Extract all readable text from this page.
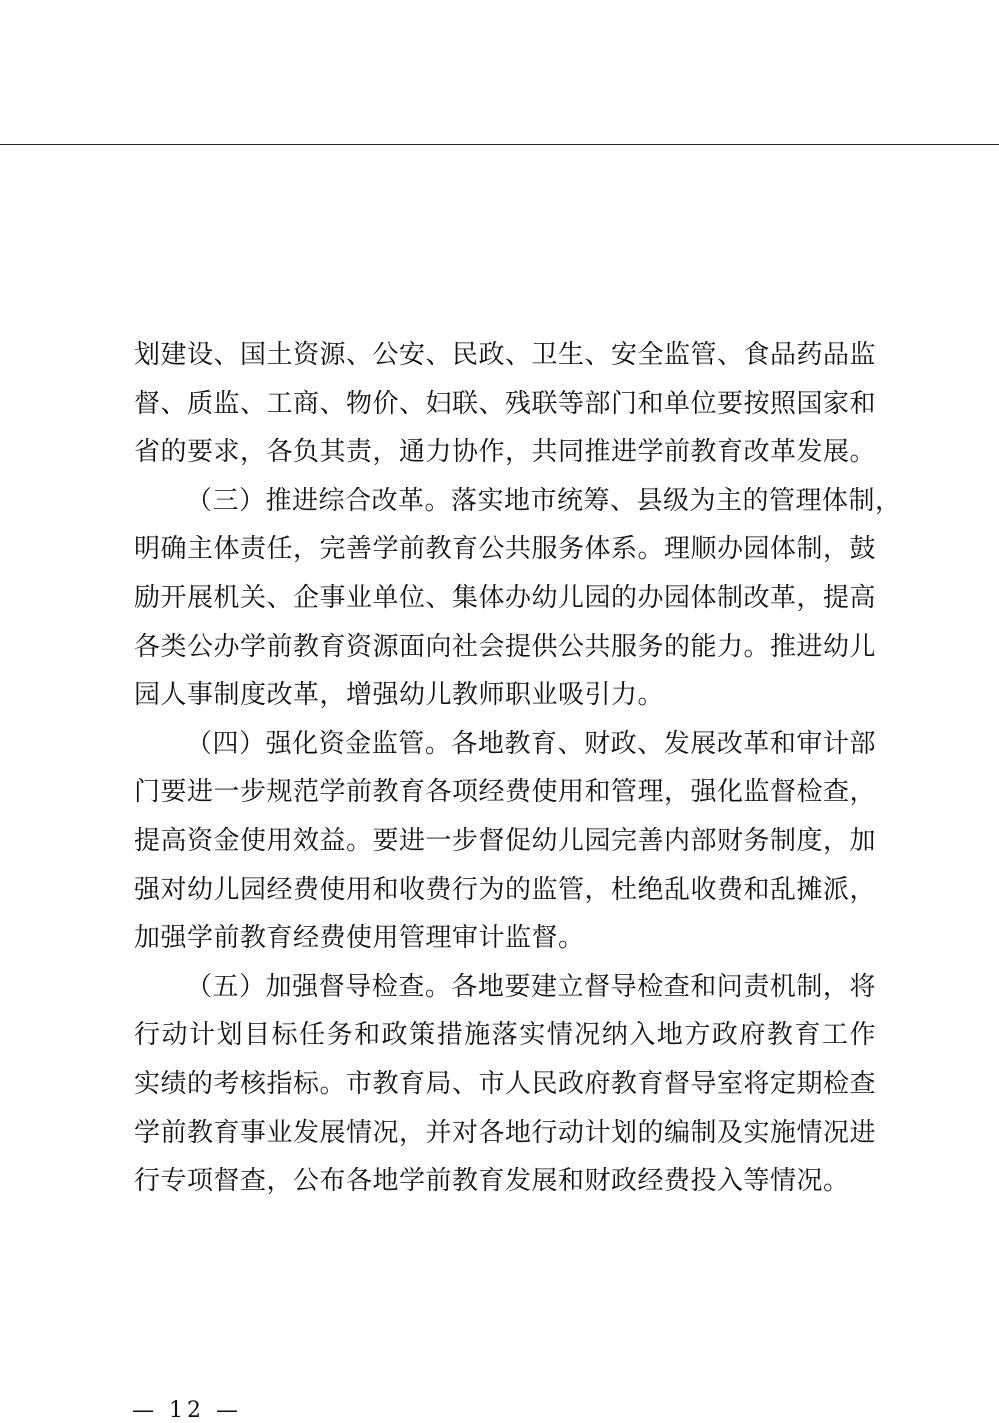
划建设、国土资源、公安、民政、卫生、安全监管、食品药品监
督、质监、工商、物价、妇联、残联等部门和单位要按照国家和
省的要求，各负其责，通力协作，共同推进学前教育改革发展。
（三）推进综合改革。落实地市统筹、县级为主的管理体制，
明确主体责任，完善学前教育公共服务体系。理顺办园体制，鼓
励开展机关、企事业单位、集体办幼儿园的办园体制改革，提高
各类公办学前教育资源面向社会提供公共服务的能力。推进幼儿
园人事制度改革，增强幼儿教师职业吸引力。
（四）强化资金监管。各地教育、财政、发展改革和审计部
门要进一步规范学前教育各项经费使用和管理，强化监督检查，
提高资金使用效益。要进一步督促幼儿园完善内部财务制度，加
强对幼儿园经费使用和收费行为的监管，杜绝乱收费和乱摊派，
加强学前教育经费使用管理审计监督。
（五）加强督导检查。各地要建立督导检查和问责机制，将
行动计划目标任务和政策措施落实情况纳入地方政府教育工作
实绩的考核指标。市教育局、市人民政府教育督导室将定期检查
学前教育事业发展情况，并对各地行动计划的编制及实施情况进
行专项督查，公布各地学前教育发展和财政经费投入等情况。
— 12 —
